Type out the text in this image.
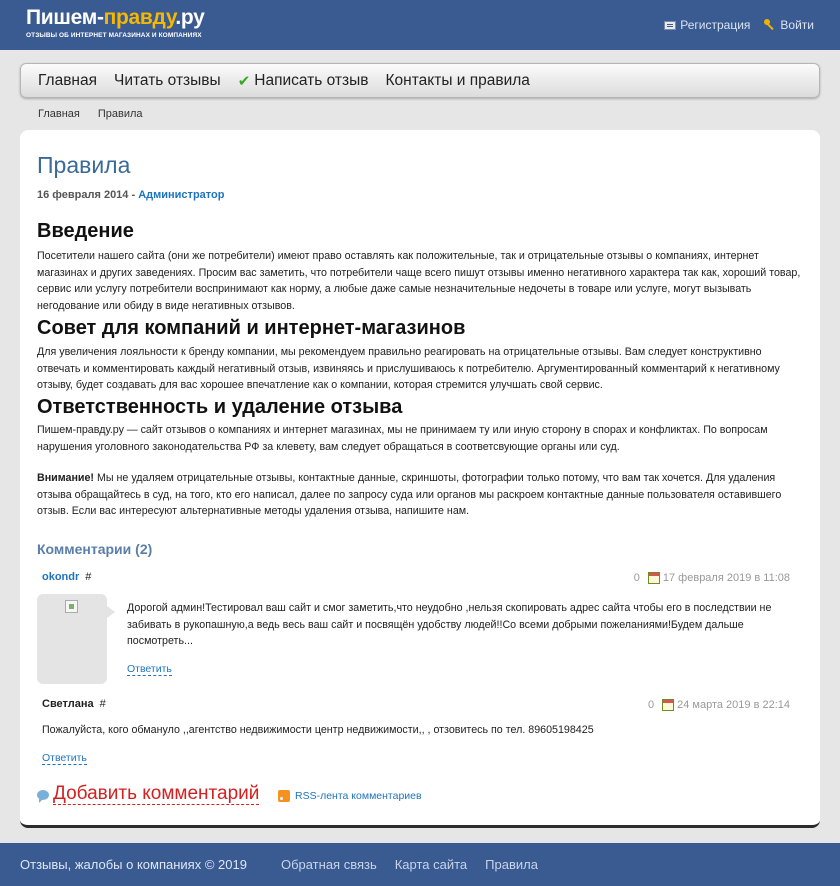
Пишем-правду.ру
ОТЗЫВЫ ОБ ИНТЕРНЕТ МАГАЗИНАХ И КОМПАНИЯХ
Регистрация	Войти
Главная Читать отзывы ✔ Написать отзыв Контакты и правила
Главная Правила
Правила
16 февраля 2014 - Администратор
Введение
Посетители нашего сайта (они же потребители) имеют право оставлять как положительные, так и отрицательные отзывы о компаниях, интернет магазинах и других заведениях. Просим вас заметить, что потребители чаще всего пишут отзывы именно негативного характера так как, хороший товар, сервис или услугу потребители воспринимают как норму, а любые даже самые незначительные недочеты в товаре или услуге, могут вызывать негодование или обиду в виде негативных отзывов.
Совет для компаний и интернет-магазинов
Для увеличения лояльности к бренду компании, мы рекомендуем правильно реагировать на отрицательные отзывы. Вам следует конструктивно отвечать и комментировать каждый негативный отзыв, извиняясь и прислушиваюсь к потребителю. Аргументированный комментарий к негативному отзыву, будет создавать для вас хорошее впечатление как о компании, которая стремится улучшать свой сервис.
Ответственность и удаление отзыва
Пишем-правду.ру — сайт отзывов о компаниях и интернет магазинах, мы не принимаем ту или иную сторону в спорах и конфликтах. По вопросам нарушения уголовного законодательства РФ за клевету, вам следует обращаться в соответсвующие органы или суд.
Внимание! Мы не удаляем отрицательные отзывы, контактные данные, скриншоты, фотографии только потому, что вам так хочется. Для удаления отзыва обращайтесь в суд, на того, кто его написал, далее по запросу суда или органов мы раскроем контактные данные пользователя оставившего отзыв. Если вас интересуют альтернативные методы удаления отзыва, напишите нам.
Комментарии (2)
okondr #	0 17 февраля 2019 в 11:08
Дорогой админ!Тестировал ваш сайт и смог заметить,что неудобно ,нельзя скопировать адрес сайта чтобы его в последствии не забивать в рукопашную,а ведь весь ваш сайт и посвящён удобству людей!!Со всеми добрыми пожеланиями!Будем дальше посмотреть...
Ответить
Светлана #	0 24 марта 2019 в 22:14
Пожалуйста, кого обмануло ,,агентство недвижимости центр недвижимости,, , отзовитесь по тел. 89605198425
Ответить
Добавить комментарий	RSS-лента комментариев
Отзывы, жалобы о компаниях © 2019	Обратная связь Карта сайта Правила
